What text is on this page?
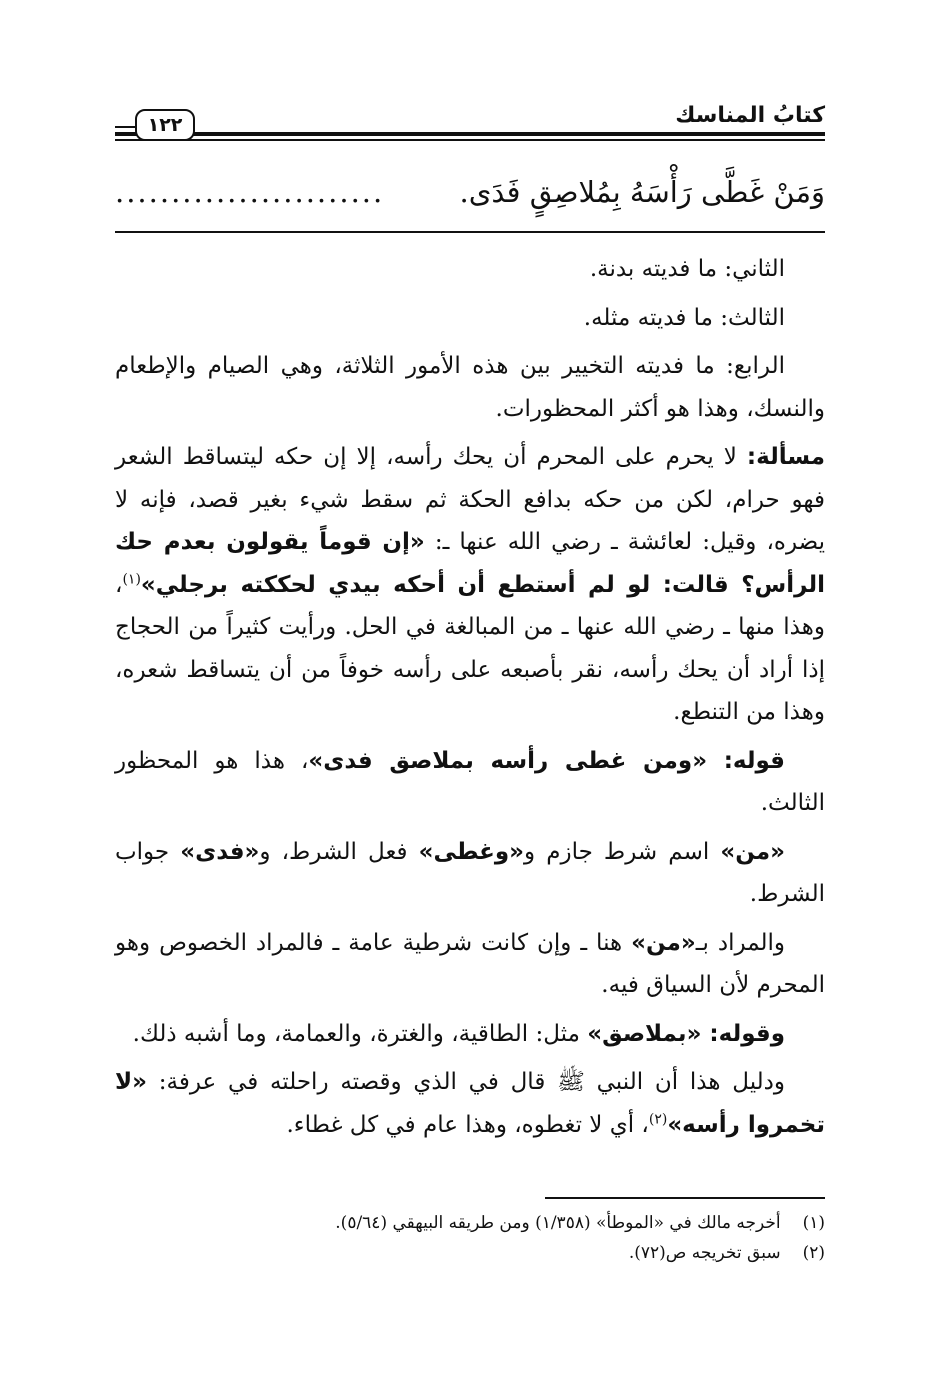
كتابُ المناسك
١٢٢
وَمَنْ غَطَّى رَأْسَهُ بِمُلاصِقٍ فَدَى.
........................

الثاني: ما فديته بدنة.

الثالث: ما فديته مثله.

الرابع: ما فديته التخيير بين هذه الأمور الثلاثة، وهي الصيام والإطعام والنسك، وهذا هو أكثر المحظورات.

مسألة: لا يحرم على المحرم أن يحك رأسه، إلا إن حكه ليتساقط الشعر فهو حرام، لكن من حكه بدافع الحكة ثم سقط شيء بغير قصد، فإنه لا يضره، وقيل: لعائشة ـ رضي الله عنها ـ: «إن قوماً يقولون بعدم حك الرأس؟ قالت: لو لم أستطع أن أحكه بيدي لحككته برجلي»$^{(١)}$، وهذا منها ـ رضي الله عنها ـ من المبالغة في الحل. ورأيت كثيراً من الحجاج إذا أراد أن يحك رأسه، نقر بأصبعه على رأسه خوفاً من أن يتساقط شعره، وهذا من التنطع.

قوله: «ومن غطى رأسه بملاصق فدى»، هذا هو المحظور الثالث.

«من» اسم شرط جازم و«وغطى» فعل الشرط، و«فدى» جواب الشرط.

والمراد بـ«من» هنا ـ وإن كانت شرطية عامة ـ فالمراد الخصوص وهو المحرم لأن السياق فيه.

وقوله: «بملاصق» مثل: الطاقية، والغترة، والعمامة، وما أشبه ذلك.

ودليل هذا أن النبي ﷺ قال في الذي وقصته راحلته في عرفة: «لا تخمروا رأسه»$^{(٢)}$، أي لا تغطوه، وهذا عام في كل غطاء.

(١)
أخرجه مالك في «الموطأ» (١/٣٥٨) ومن طريقه البيهقي (٥/٦٤).
(٢)
سبق تخريجه ص(٧٢).
